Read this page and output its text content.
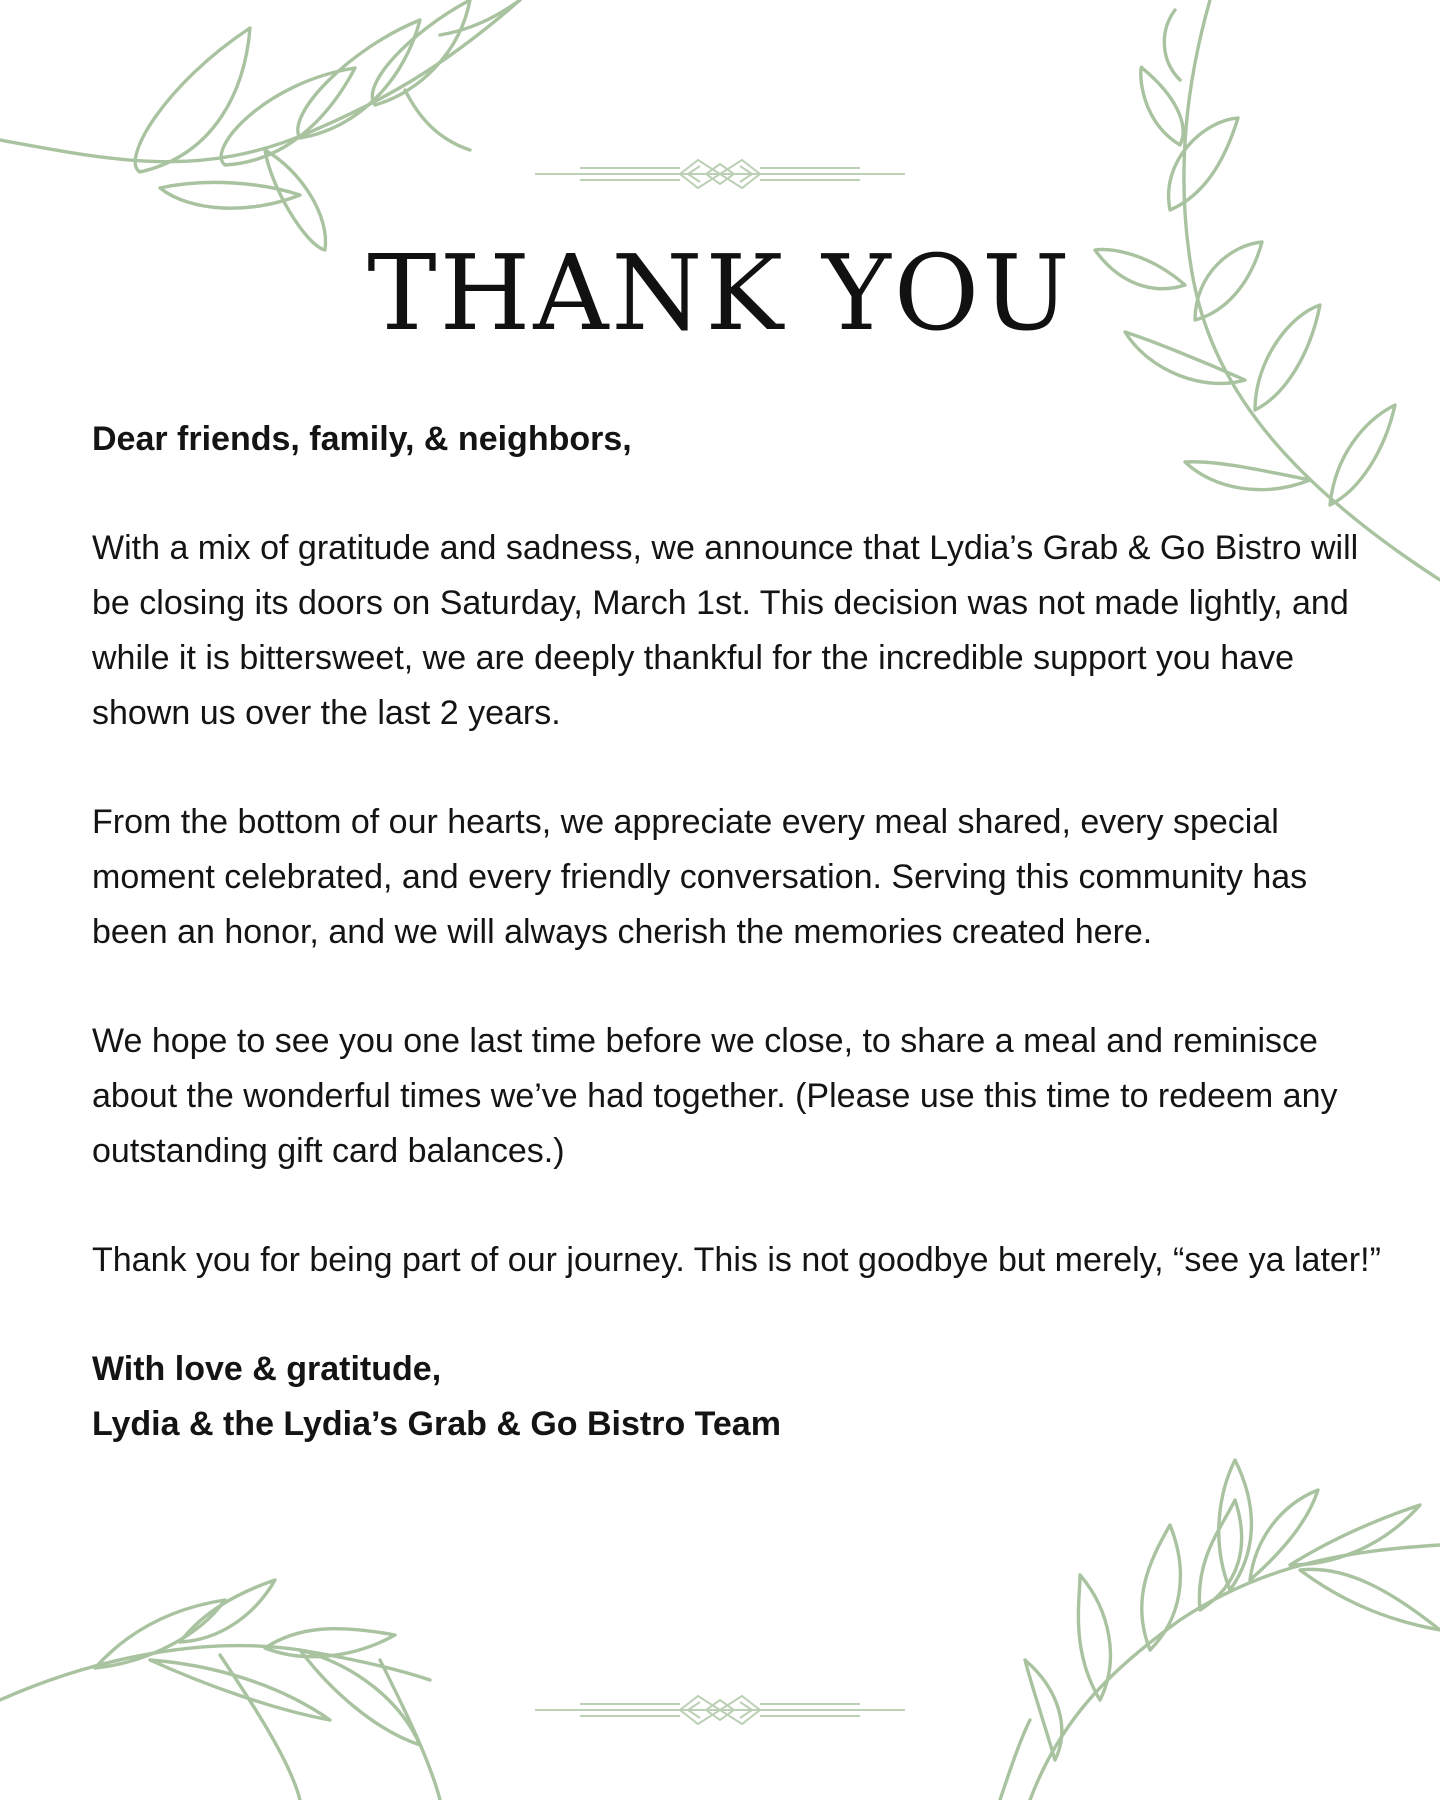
THANK YOU

Dear friends, family, & neighbors,

With a mix of gratitude and sadness, we announce that Lydia’s Grab & Go Bistro will be closing its doors on Saturday, March 1st. This decision was not made lightly, and while it is bittersweet, we are deeply thankful for the incredible support you have shown us over the last 2 years.

From the bottom of our hearts, we appreciate every meal shared, every special moment celebrated, and every friendly conversation. Serving this community has been an honor, and we will always cherish the memories created here.

We hope to see you one last time before we close, to share a meal and reminisce about the wonderful times we’ve had together. (Please use this time to redeem any outstanding gift card balances.)

Thank you for being part of our journey. This is not goodbye but merely, “see ya later!”

With love & gratitude,

Lydia & the Lydia’s Grab & Go Bistro Team
